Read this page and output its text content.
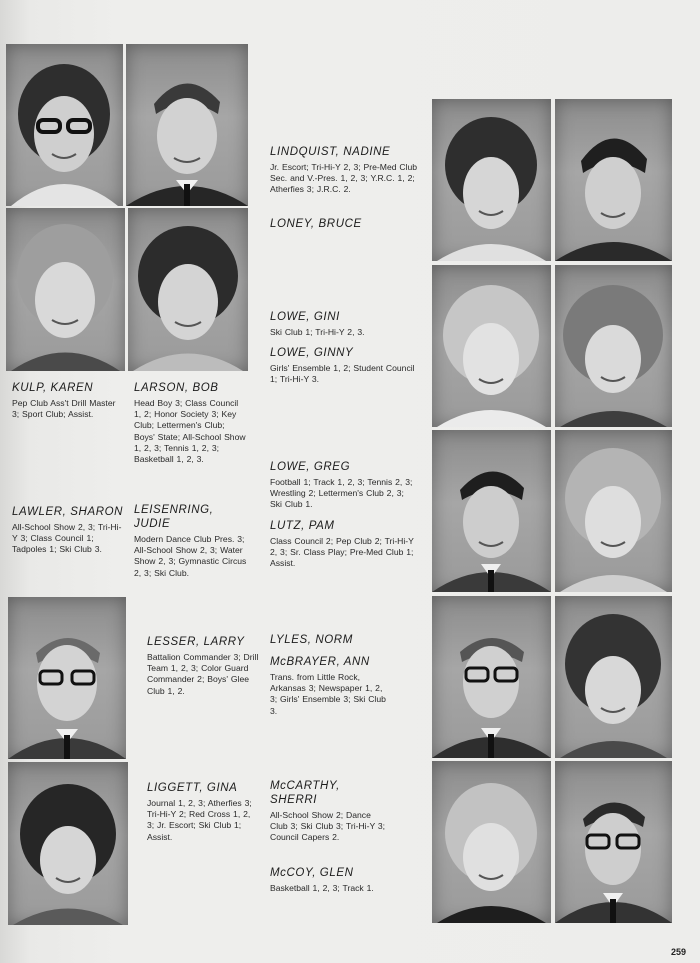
KULP, KAREN
Pep Club Ass't Drill Master 3; Sport Club; Assist.
LARSON, BOB
Head Boy 3; Class Council 1, 2; Honor Society 3; Key Club; Lettermen's Club; Boys' State; All-School Show 1, 2, 3; Tennis 1, 2, 3; Basketball 1, 2, 3.
LAWLER, SHARON
All-School Show 2, 3; Tri-Hi-Y 3; Class Council 1; Tadpoles 1; Ski Club 3.
LEISENRING, JUDIE
Modern Dance Club Pres. 3; All-School Show 2, 3; Water Show 2, 3; Gymnastic Circus 2, 3; Ski Club.
LESSER, LARRY
Battalion Commander 3; Drill Team 1, 2, 3; Color Guard Commander 2; Boys' Glee Club 1, 2.
LIGGETT, GINA
Journal 1, 2, 3; Atherfies 3; Tri-Hi-Y 2; Red Cross 1, 2, 3; Jr. Escort; Ski Club 1; Assist.
LINDQUIST, NADINE
Jr. Escort; Tri-Hi-Y 2, 3; Pre-Med Club Sec. and V.-Pres. 1, 2, 3; Y.R.C. 1, 2; Atherfies 3; J.R.C. 2.
LONEY, BRUCE
LOWE, GINI
Ski Club 1; Tri-Hi-Y 2, 3.
LOWE, GINNY
Girls' Ensemble 1, 2; Student Council 1; Tri-Hi-Y 3.
LOWE, GREG
Football 1; Track 1, 2, 3; Tennis 2, 3; Wrestling 2; Lettermen's Club 2, 3; Ski Club 1.
LUTZ, PAM
Class Council 2; Pep Club 2; Tri-Hi-Y 2, 3; Sr. Class Play; Pre-Med Club 1; Assist.
LYLES, NORM
McBRAYER, ANN
Trans. from Little Rock, Arkansas 3; Newspaper 1, 2, 3; Girls' Ensemble 3; Ski Club 3.
McCARTHY, SHERRI
All-School Show 2; Dance Club 3; Ski Club 3; Tri-Hi-Y 3; Council Capers 2.
McCOY, GLEN
Basketball 1, 2, 3; Track 1.
259
